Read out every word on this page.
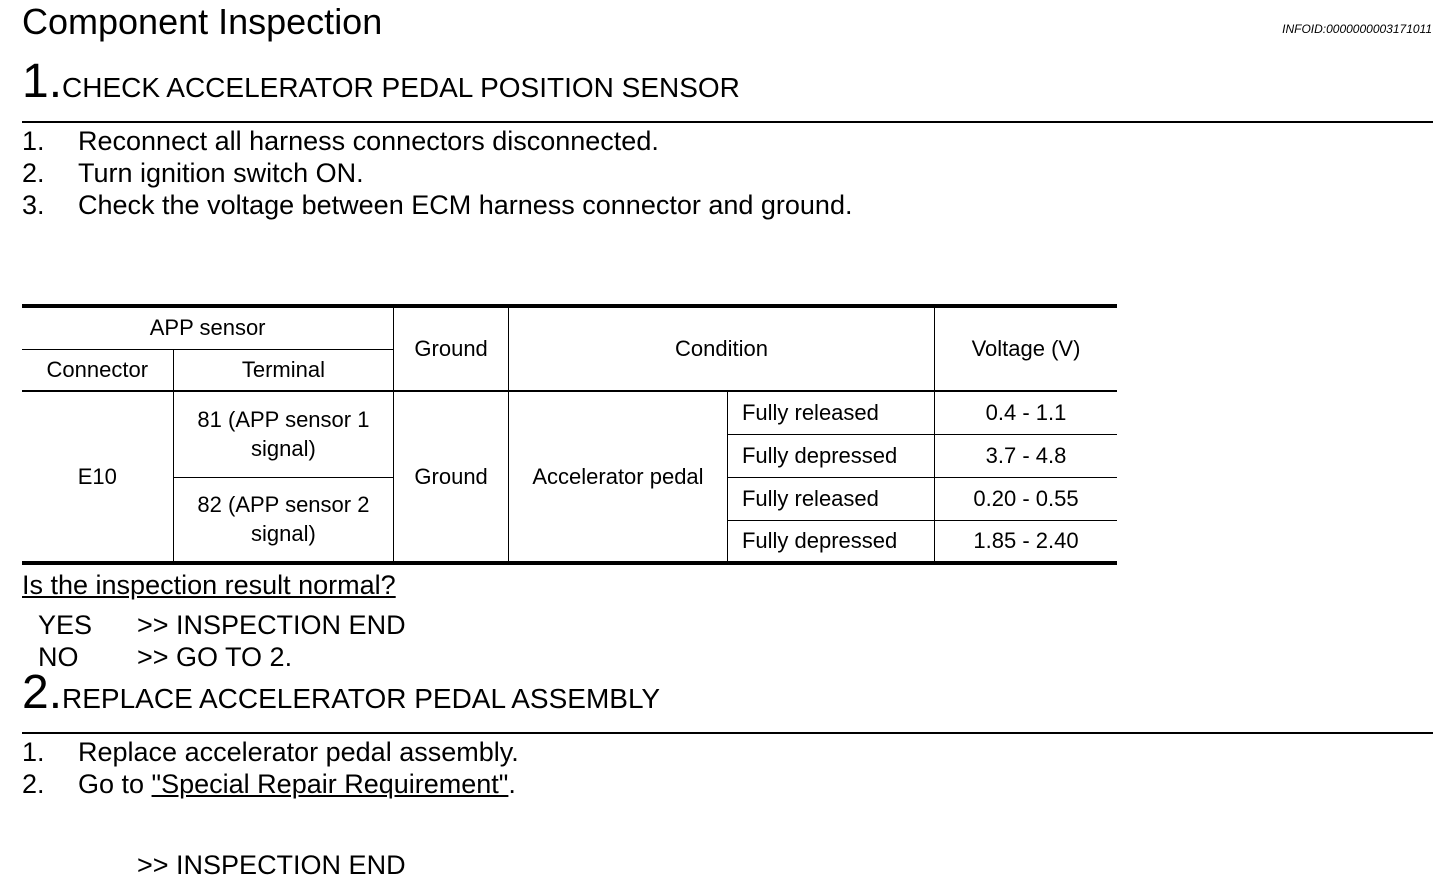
Component Inspection	INFOID:0000000003171011
1.CHECK ACCELERATOR PEDAL POSITION SENSOR
1. Reconnect all harness connectors disconnected.
2. Turn ignition switch ON.
3. Check the voltage between ECM harness connector and ground.
APP sensor		Ground	Condition		Voltage (V)
Connector	Terminal				
E10	81 (APP sensor 1 signal)	Ground	Accelerator pedal	Fully released	0.4 - 1.1
				Fully depressed	3.7 - 4.8
	82 (APP sensor 2 signal)			Fully released	0.20 - 0.55
				Fully depressed	1.85 - 2.40
Is the inspection result normal?
YES >> INSPECTION END
NO >> GO TO 2.
2.REPLACE ACCELERATOR PEDAL ASSEMBLY
1. Replace accelerator pedal assembly.
2. Go to "Special Repair Requirement".
>> INSPECTION END
